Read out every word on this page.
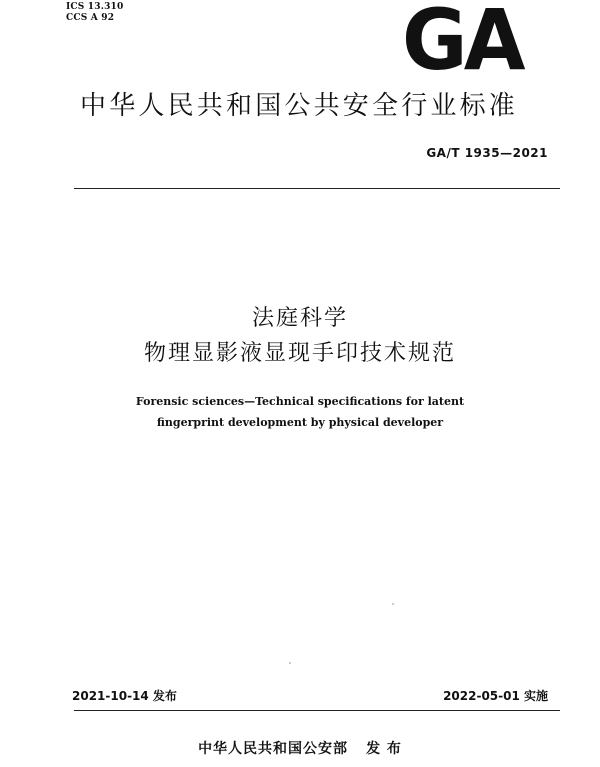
ICS 13.310
CCS A 92	GA
中华人民共和国公共安全行业标准
GA/T 1935—2021
法庭科学
物理显影液显现手印技术规范
Forensic sciences—Technical specifications for latent
fingerprint development by physical developer
2021-10-14 发布	2022-05-01 实施
中华人民共和国公安部 发 布
